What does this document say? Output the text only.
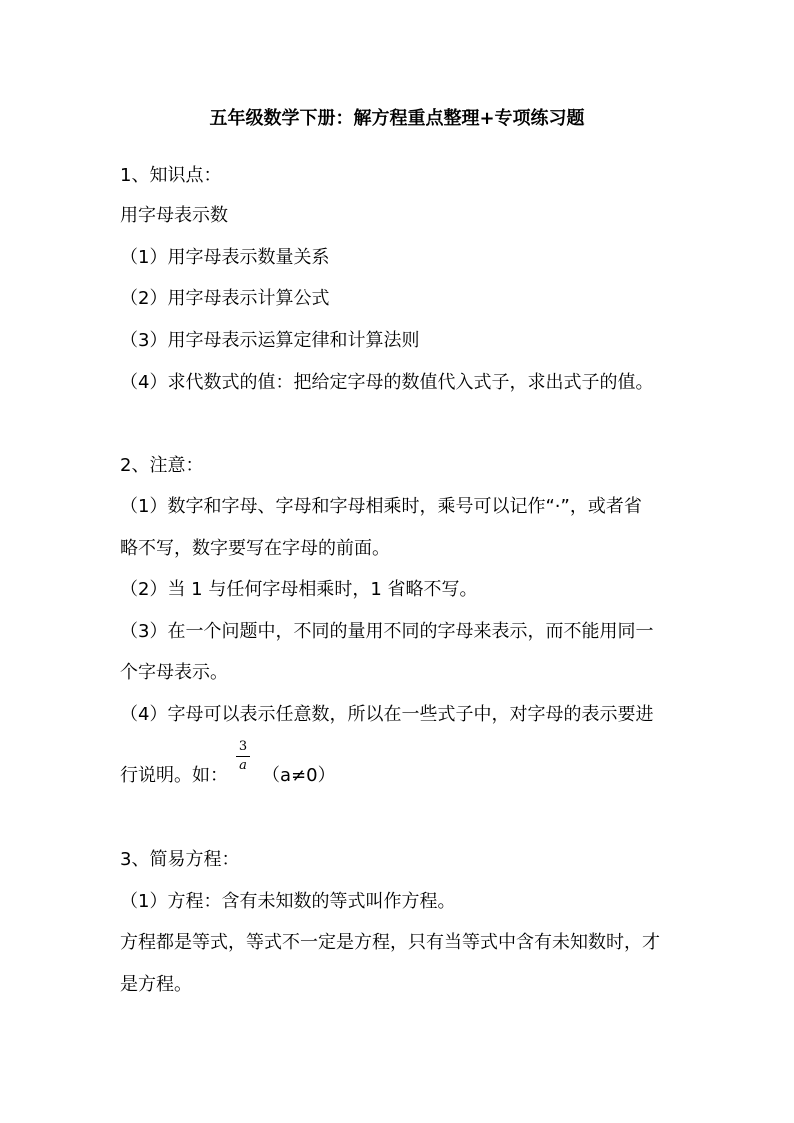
五年级数学下册：解方程重点整理+专项练习题
1、知识点：
用字母表示数
（1）用字母表示数量关系
（2）用字母表示计算公式
（3）用字母表示运算定律和计算法则
（4）求代数式的值：把给定字母的数值代入式子，求出式子的值。
2、注意：
（1）数字和字母、字母和字母相乘时，乘号可以记作“·”，或者省
略不写，数字要写在字母的前面。
（2）当 1 与任何字母相乘时，1 省略不写。
（3）在一个问题中，不同的量用不同的字母来表示，而不能用同一
个字母表示。
（4）字母可以表示任意数，所以在一些式子中，对字母的表示要进
行说明。如：
3
a （a≠0）
3、简易方程：
（1）方程：含有未知数的等式叫作方程。
方程都是等式，等式不一定是方程，只有当等式中含有未知数时，才
是方程。
